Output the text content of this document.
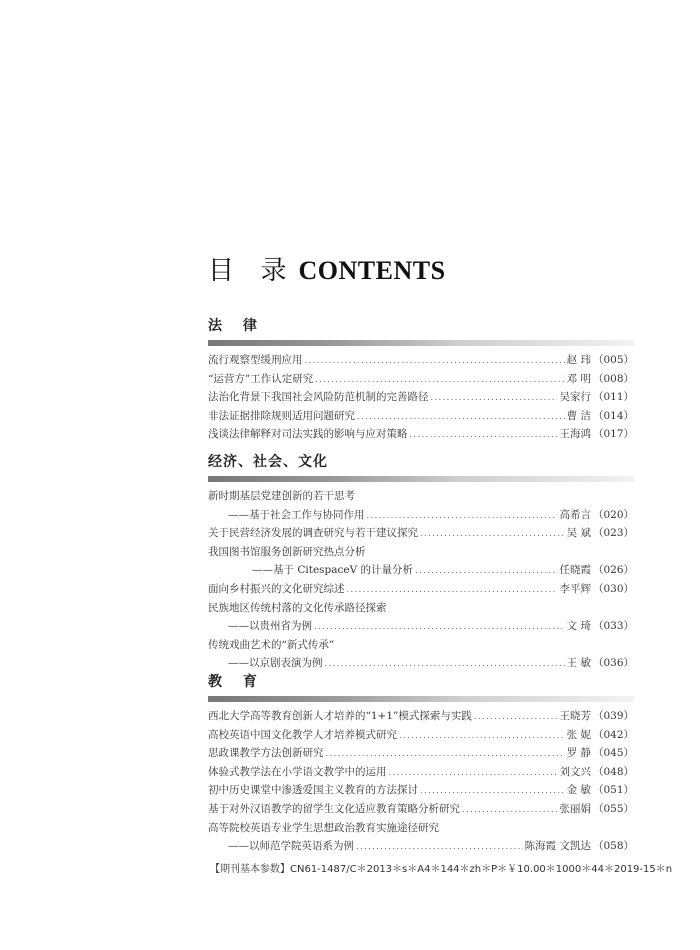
目 录CONTENTS
法 律
流行观察型缓刑应用 .....	赵 玮 （005）
“运营方”工作认定研究 .....	邓 明 （008）
法治化背景下我国社会风险防范机制的完善路径 .....	吴家行 （011）
非法证据排除规则适用问题研究 .....	曹 洁 （014）
浅谈法律解释对司法实践的影响与应对策略 .....	王海鸿 （017）
经济、社会、文化
新时期基层党建创新的若干思考
——基于社会工作与协同作用 .....	高希言 （020）
关于民营经济发展的调查研究与若干建议探究 .....	吴 斌 （023）
我国图书馆服务创新研究热点分析
——基于 CitespaceV 的计量分析 .....	任晓霞 （026）
面向乡村振兴的文化研究综述 .....	李平辉 （030）
民族地区传统村落的文化传承路径探索
——以贵州省为例 .....	文 琦 （033）
传统戏曲艺术的“新式传承”
——以京剧表演为例 .....	王 敏 （036）
教 育
西北大学高等教育创新人才培养的“1+1”模式探索与实践 .....	王晓芳 （039）
高校英语中国文化教学人才培养模式研究 .....	张 妮 （042）
思政课教学方法创新研究 .....	罗 静 （045）
体验式教学法在小学语文教学中的运用 .....	刘文兴 （048）
初中历史课堂中渗透爱国主义教育的方法探讨 .....	金 敏 （051）
基于对外汉语教学的留学生文化适应教育策略分析研究 .....	张丽娟 （055）
高等院校英语专业学生思想政治教育实施途径研究
——以师范学院英语系为例 .....	陈海霞 文凯达 （058）
【期刊基本参数】CN61-1487/C＊2013＊s＊A4＊144＊zh＊P＊￥10.00＊1000＊44＊2019-15＊n
